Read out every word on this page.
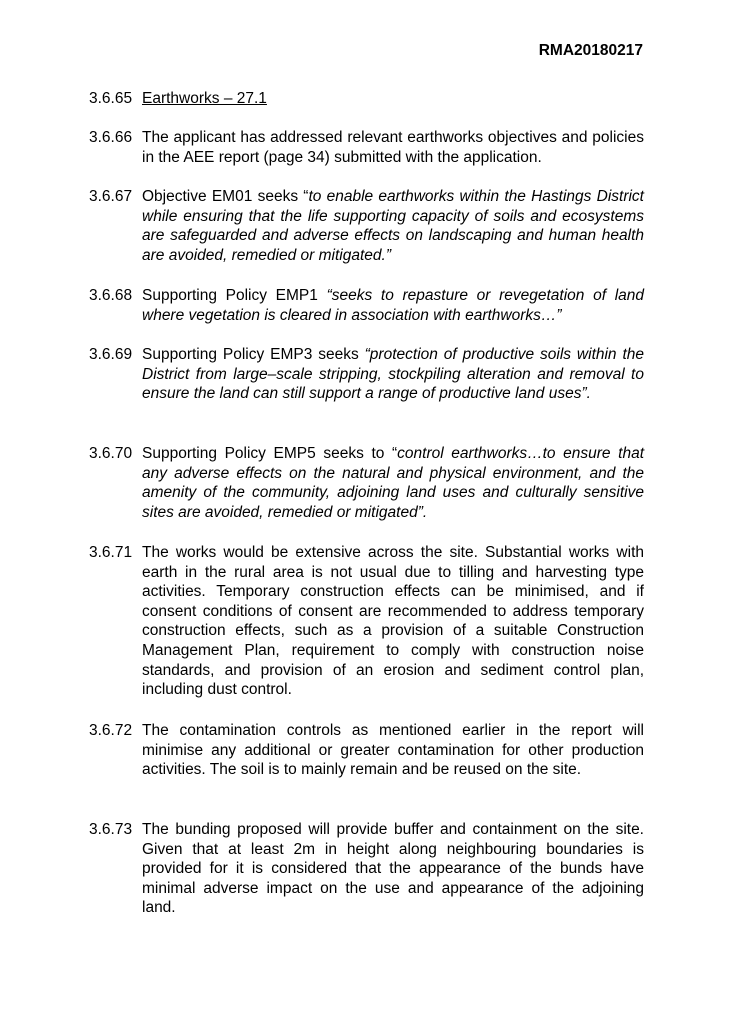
RMA20180217
3.6.65 Earthworks – 27.1
3.6.66 The applicant has addressed relevant earthworks objectives and policies in the AEE report (page 34) submitted with the application.
3.6.67 Objective EM01 seeks “to enable earthworks within the Hastings District while ensuring that the life supporting capacity of soils and ecosystems are safeguarded and adverse effects on landscaping and human health are avoided, remedied or mitigated.”
3.6.68 Supporting Policy EMP1 “seeks to repasture or revegetation of land where vegetation is cleared in association with earthworks…”
3.6.69 Supporting Policy EMP3 seeks “protection of productive soils within the District from large–scale stripping, stockpiling alteration and removal to ensure the land can still support a range of productive land uses”.
3.6.70 Supporting Policy EMP5 seeks to “control earthworks…to ensure that any adverse effects on the natural and physical environment, and the amenity of the community, adjoining land uses and culturally sensitive sites are avoided, remedied or mitigated”.
3.6.71 The works would be extensive across the site. Substantial works with earth in the rural area is not usual due to tilling and harvesting type activities. Temporary construction effects can be minimised, and if consent conditions of consent are recommended to address temporary construction effects, such as a provision of a suitable Construction Management Plan, requirement to comply with construction noise standards, and provision of an erosion and sediment control plan, including dust control.
3.6.72 The contamination controls as mentioned earlier in the report will minimise any additional or greater contamination for other production activities. The soil is to mainly remain and be reused on the site.
3.6.73 The bunding proposed will provide buffer and containment on the site. Given that at least 2m in height along neighbouring boundaries is provided for it is considered that the appearance of the bunds have minimal adverse impact on the use and appearance of the adjoining land.
